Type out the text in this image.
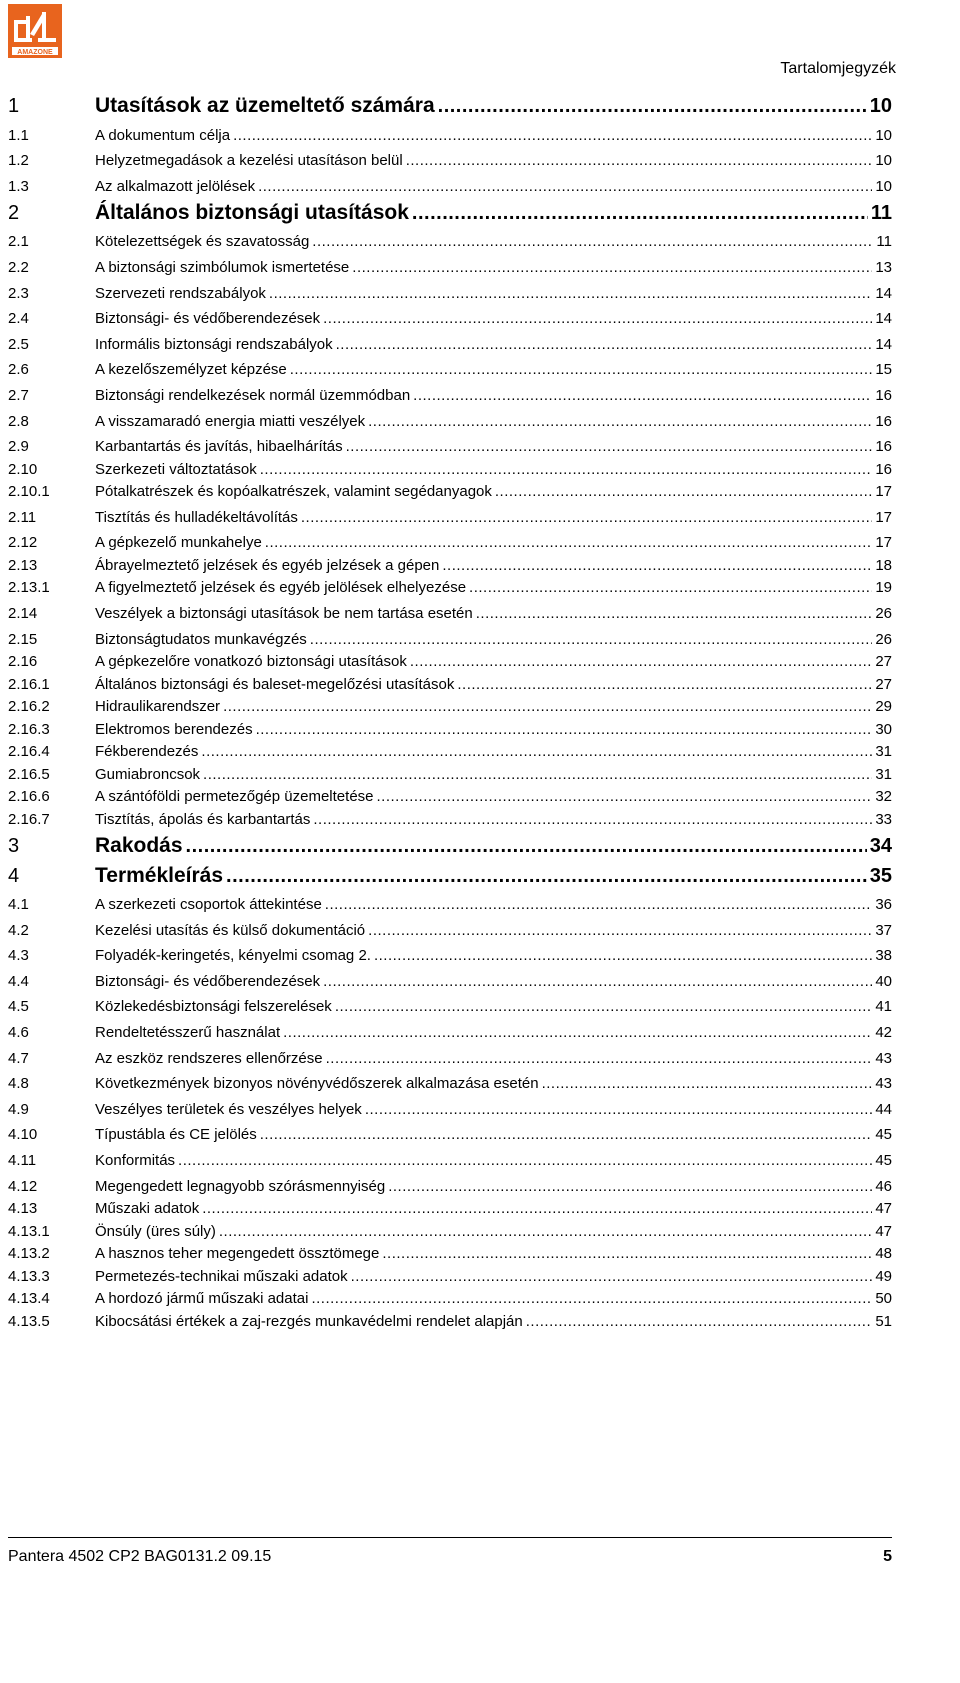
AMAZONE
Tartalomjegyzék
1	Utasítások az üzemeltető számára .....	10
1.1	A dokumentum célja .....	10
1.2	Helyzetmegadások a kezelési utasításon belül .....	10
1.3	Az alkalmazott jelölések .....	10
2	Általános biztonsági utasítások .....	11
2.1	Kötelezettségek és szavatosság .....	11
2.2	A biztonsági szimbólumok ismertetése .....	13
2.3	Szervezeti rendszabályok .....	14
2.4	Biztonsági- és védőberendezések .....	14
2.5	Informális biztonsági rendszabályok .....	14
2.6	A kezelőszemélyzet képzése .....	15
2.7	Biztonsági rendelkezések normál üzemmódban .....	16
2.8	A visszamaradó energia miatti veszélyek .....	16
2.9	Karbantartás és javítás, hibaelhárítás .....	16
2.10	Szerkezeti változtatások .....	16
2.10.1	Pótalkatrészek és kopóalkatrészek, valamint segédanyagok .....	17
2.11	Tisztítás és hulladékeltávolítás .....	17
2.12	A gépkezelő munkahelye .....	17
2.13	Ábrayelmeztető jelzések és egyéb jelzések a gépen .....	18
2.13.1	A figyelmeztető jelzések és egyéb jelölések elhelyezése .....	19
2.14	Veszélyek a biztonsági utasítások be nem tartása esetén .....	26
2.15	Biztonságtudatos munkavégzés .....	26
2.16	A gépkezelőre vonatkozó biztonsági utasítások .....	27
2.16.1	Általános biztonsági és baleset-megelőzési utasítások .....	27
2.16.2	Hidraulikarendszer .....	29
2.16.3	Elektromos berendezés .....	30
2.16.4	Fékberendezés .....	31
2.16.5	Gumiabroncsok .....	31
2.16.6	A szántóföldi permetezőgép üzemeltetése .....	32
2.16.7	Tisztítás, ápolás és karbantartás .....	33
3	Rakodás .....	34
4	Termékleírás .....	35
4.1	A szerkezeti csoportok áttekintése .....	36
4.2	Kezelési utasítás és külső dokumentáció .....	37
4.3	Folyadék-keringetés, kényelmi csomag 2. .....	38
4.4	Biztonsági- és védőberendezések .....	40
4.5	Közlekedésbiztonsági felszerelések .....	41
4.6	Rendeltetésszerű használat .....	42
4.7	Az eszköz rendszeres ellenőrzése .....	43
4.8	Következmények bizonyos növényvédőszerek alkalmazása esetén .....	43
4.9	Veszélyes területek és veszélyes helyek .....	44
4.10	Típustábla és CE jelölés .....	45
4.11	Konformitás .....	45
4.12	Megengedett legnagyobb szórásmennyiség .....	46
4.13	Műszaki adatok .....	47
4.13.1	Önsúly (üres súly) .....	47
4.13.2	A hasznos teher megengedett össztömege .....	48
4.13.3	Permetezés-technikai műszaki adatok .....	49
4.13.4	A hordozó jármű műszaki adatai .....	50
4.13.5	Kibocsátási értékek a zaj-rezgés munkavédelmi rendelet alapján .....	51
Pantera 4502 CP2 BAG0131.2 09.15	5
